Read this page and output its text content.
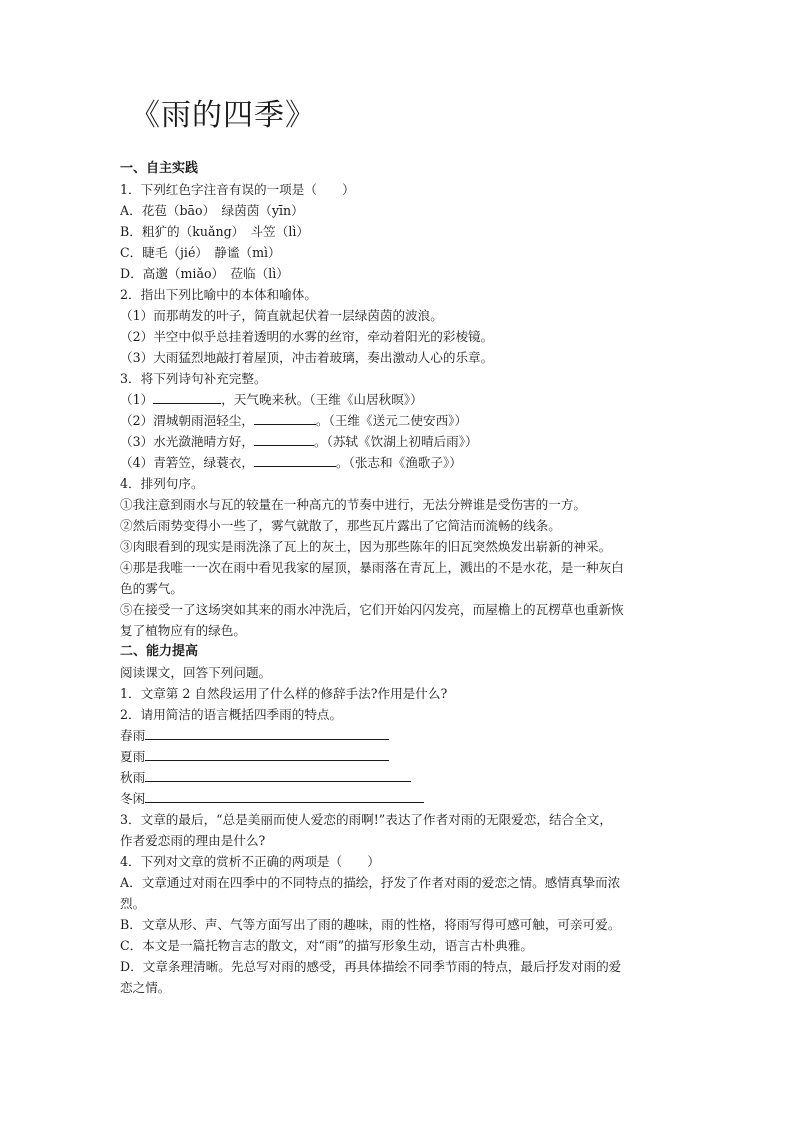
《雨的四季》
一、自主实践
1．下列红色字注音有误的一项是（　　）
A．花苞（bāo）　绿茵茵（yīn）
B．粗犷的（kuǎng）　斗笠（lì）
C．睫毛（jié）　静谧（mì）
D．高邈（miǎo）　莅临（lì）
2．指出下列比喻中的本体和喻体。
（1）而那萌发的叶子，简直就起伏着一层绿茵茵的波浪。
（2）半空中似乎总挂着透明的水雾的丝帘，牵动着阳光的彩棱镜。
（3）大雨猛烈地敲打着屋顶，冲击着玻璃，奏出激动人心的乐章。
3．将下列诗句补充完整。
（1）	，天气晚来秋。（王维《山居秋暝》）
（2）渭城朝雨浥轻尘，	。（王维《送元二使安西》）
（3）水光潋滟晴方好，	。（苏轼《饮湖上初晴后雨》）
（4）青箬笠，绿蓑衣，	。（张志和《渔歌子》）
4．排列句序。
①我注意到雨水与瓦的较量在一种高亢的节奏中进行，无法分辨谁是受伤害的一方。
②然后雨势变得小一些了，雾气就散了，那些瓦片露出了它简洁而流畅的线条。
③肉眼看到的现实是雨洗涤了瓦上的灰土，因为那些陈年的旧瓦突然焕发出崭新的神采。
④那是我唯一一次在雨中看见我家的屋顶，暴雨落在青瓦上，溅出的不是水花，是一种灰白
色的雾气。
⑤在接受一了这场突如其来的雨水冲洗后，它们开始闪闪发亮，而屋檐上的瓦楞草也重新恢
复了植物应有的绿色。
二、能力提高
阅读课文，回答下列问题。
1．文章第 2 自然段运用了什么样的修辞手法?作用是什么?
2．请用简洁的语言概括四季雨的特点。
春雨
夏雨
秋雨
冬闲
3．文章的最后，“总是美丽而使人爱恋的雨啊!”表达了作者对雨的无限爱恋，结合全文，
作者爱恋雨的理由是什么?
4．下列对文章的赏析不正确的两项是（　　）
A．文章通过对雨在四季中的不同特点的描绘，抒发了作者对雨的爱恋之情。感情真挚而浓
烈。
B．文章从形、声、气等方面写出了雨的趣味，雨的性格，将雨写得可感可触，可亲可爱。
C．本文是一篇托物言志的散文，对“雨”的描写形象生动，语言古朴典雅。
D．文章条理清晰。先总写对雨的感受，再具体描绘不同季节雨的特点，最后抒发对雨的爱
恋之情。
